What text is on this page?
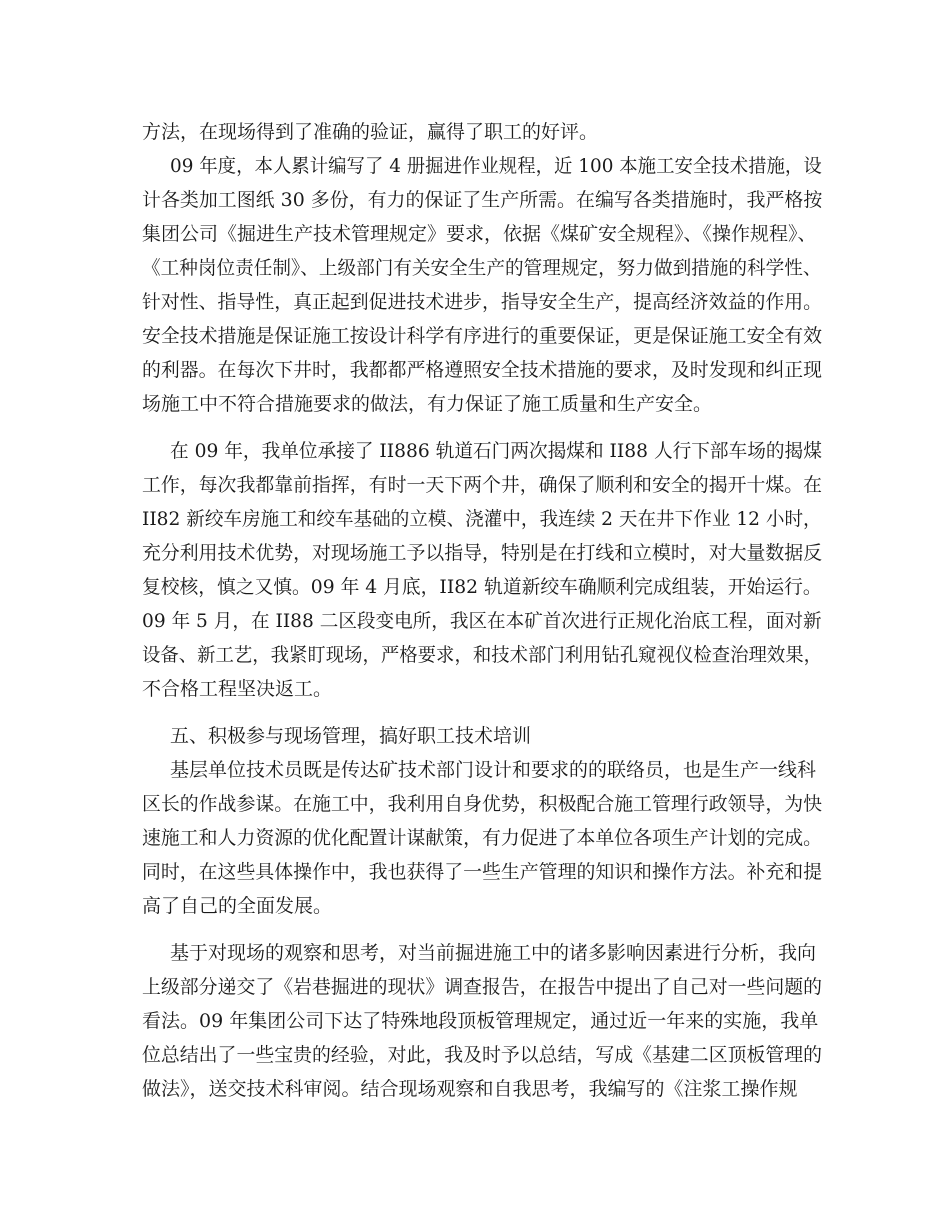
方法，在现场得到了准确的验证，赢得了职工的好评。
09 年度，本人累计编写了 4 册掘进作业规程，近 100 本施工安全技术措施，设
计各类加工图纸 30 多份，有力的保证了生产所需。在编写各类措施时，我严格按
集团公司《掘进生产技术管理规定》要求，依据《煤矿安全规程》、《操作规程》、
《工种岗位责任制》、上级部门有关安全生产的管理规定，努力做到措施的科学性、
针对性、指导性，真正起到促进技术进步，指导安全生产，提高经济效益的作用。
安全技术措施是保证施工按设计科学有序进行的重要保证，更是保证施工安全有效
的利器。在每次下井时，我都都严格遵照安全技术措施的要求，及时发现和纠正现
场施工中不符合措施要求的做法，有力保证了施工质量和生产安全。
在 09 年，我单位承接了 II886 轨道石门两次揭煤和 II88 人行下部车场的揭煤
工作，每次我都靠前指挥，有时一天下两个井，确保了顺利和安全的揭开十煤。在
II82 新绞车房施工和绞车基础的立模、浇灌中，我连续 2 天在井下作业 12 小时，
充分利用技术优势，对现场施工予以指导，特别是在打线和立模时，对大量数据反
复校核，慎之又慎。09 年 4 月底，II82 轨道新绞车确顺利完成组装，开始运行。
09 年 5 月，在 II88 二区段变电所，我区在本矿首次进行正规化治底工程，面对新
设备、新工艺，我紧盯现场，严格要求，和技术部门利用钻孔窥视仪检查治理效果，
不合格工程坚决返工。
五、积极参与现场管理，搞好职工技术培训
基层单位技术员既是传达矿技术部门设计和要求的的联络员，也是生产一线科
区长的作战参谋。在施工中，我利用自身优势，积极配合施工管理行政领导，为快
速施工和人力资源的优化配置计谋献策，有力促进了本单位各项生产计划的完成。
同时，在这些具体操作中，我也获得了一些生产管理的知识和操作方法。补充和提
高了自己的全面发展。
基于对现场的观察和思考，对当前掘进施工中的诸多影响因素进行分析，我向
上级部分递交了《岩巷掘进的现状》调查报告，在报告中提出了自己对一些问题的
看法。09 年集团公司下达了特殊地段顶板管理规定，通过近一年来的实施，我单
位总结出了一些宝贵的经验，对此，我及时予以总结，写成《基建二区顶板管理的
做法》，送交技术科审阅。结合现场观察和自我思考，我编写的《注浆工操作规
